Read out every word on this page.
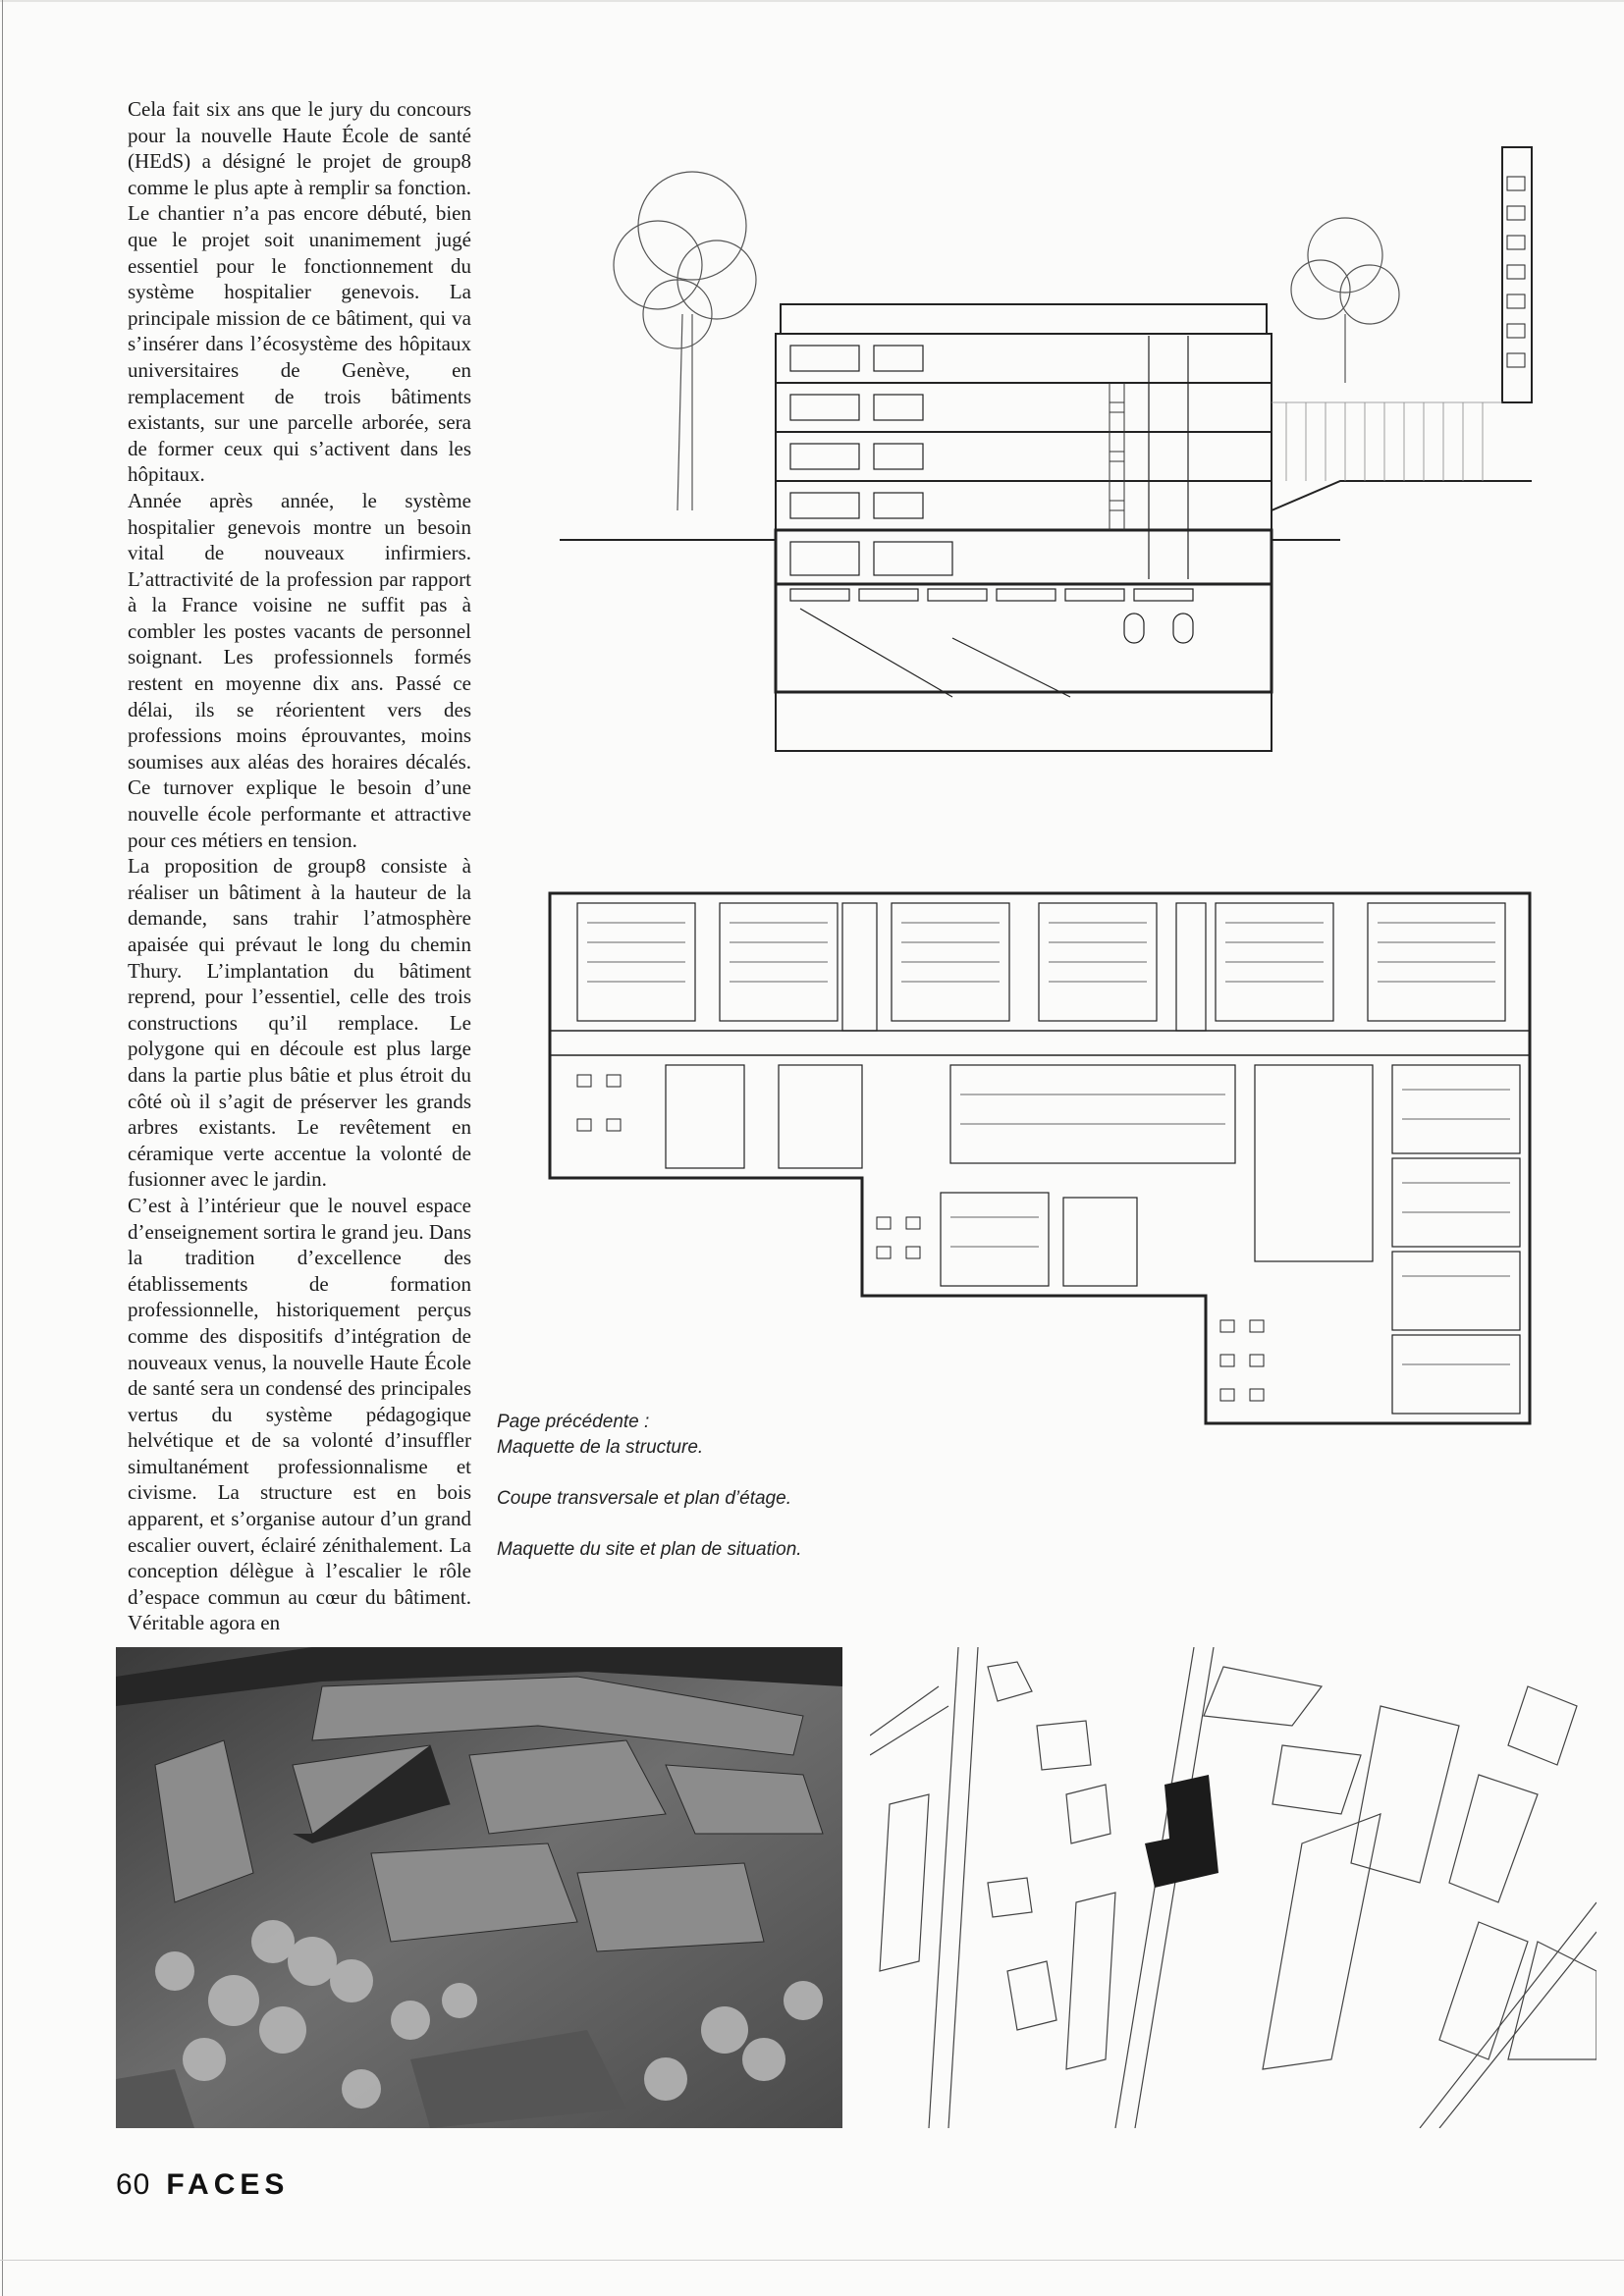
Cela fait six ans que le jury du concours pour la nouvelle Haute École de santé (HEdS) a désigné le projet de group8 comme le plus apte à remplir sa fonction. Le chantier n’a pas encore débuté, bien que le projet soit unanimement jugé essentiel pour le fonctionnement du système hospitalier genevois. La principale mission de ce bâtiment, qui va s’insérer dans l’écosystème des hôpitaux universitaires de Genève, en remplacement de trois bâtiments existants, sur une parcelle arborée, sera de former ceux qui s’activent dans les hôpitaux.

Année après année, le système hospitalier genevois montre un besoin vital de nouveaux infirmiers. L’attractivité de la profession par rapport à la France voisine ne suffit pas à combler les postes vacants de personnel soignant. Les professionnels formés restent en moyenne dix ans. Passé ce délai, ils se réorientent vers des professions moins éprouvantes, moins soumises aux aléas des horaires décalés. Ce turnover explique le besoin d’une nouvelle école performante et attractive pour ces métiers en tension.

La proposition de group8 consiste à réaliser un bâtiment à la hauteur de la demande, sans trahir l’atmosphère apaisée qui prévaut le long du chemin Thury. L’implantation du bâtiment reprend, pour l’essentiel, celle des trois constructions qu’il remplace. Le polygone qui en découle est plus large dans la partie plus bâtie et plus étroit du côté où il s’agit de préserver les grands arbres existants. Le revêtement en céramique verte accentue la volonté de fusionner avec le jardin.

C’est à l’intérieur que le nouvel espace d’enseignement sortira le grand jeu. Dans la tradition d’excellence des établissements de formation professionnelle, historiquement perçus comme des dispositifs d’intégration de nouveaux venus, la nouvelle Haute École de santé sera un condensé des principales vertus du système pédagogique helvétique et de sa volonté d’insuffler simultanément professionnalisme et civisme. La structure est en bois apparent, et s’organise autour d’un grand escalier ouvert, éclairé zénithalement. La conception délègue à l’escalier le rôle d’espace commun au cœur du bâtiment. Véritable agora en

Page précédente :
Maquette de la structure.
Coupe transversale et plan d’étage.
Maquette du site et plan de situation.
60 FACES
